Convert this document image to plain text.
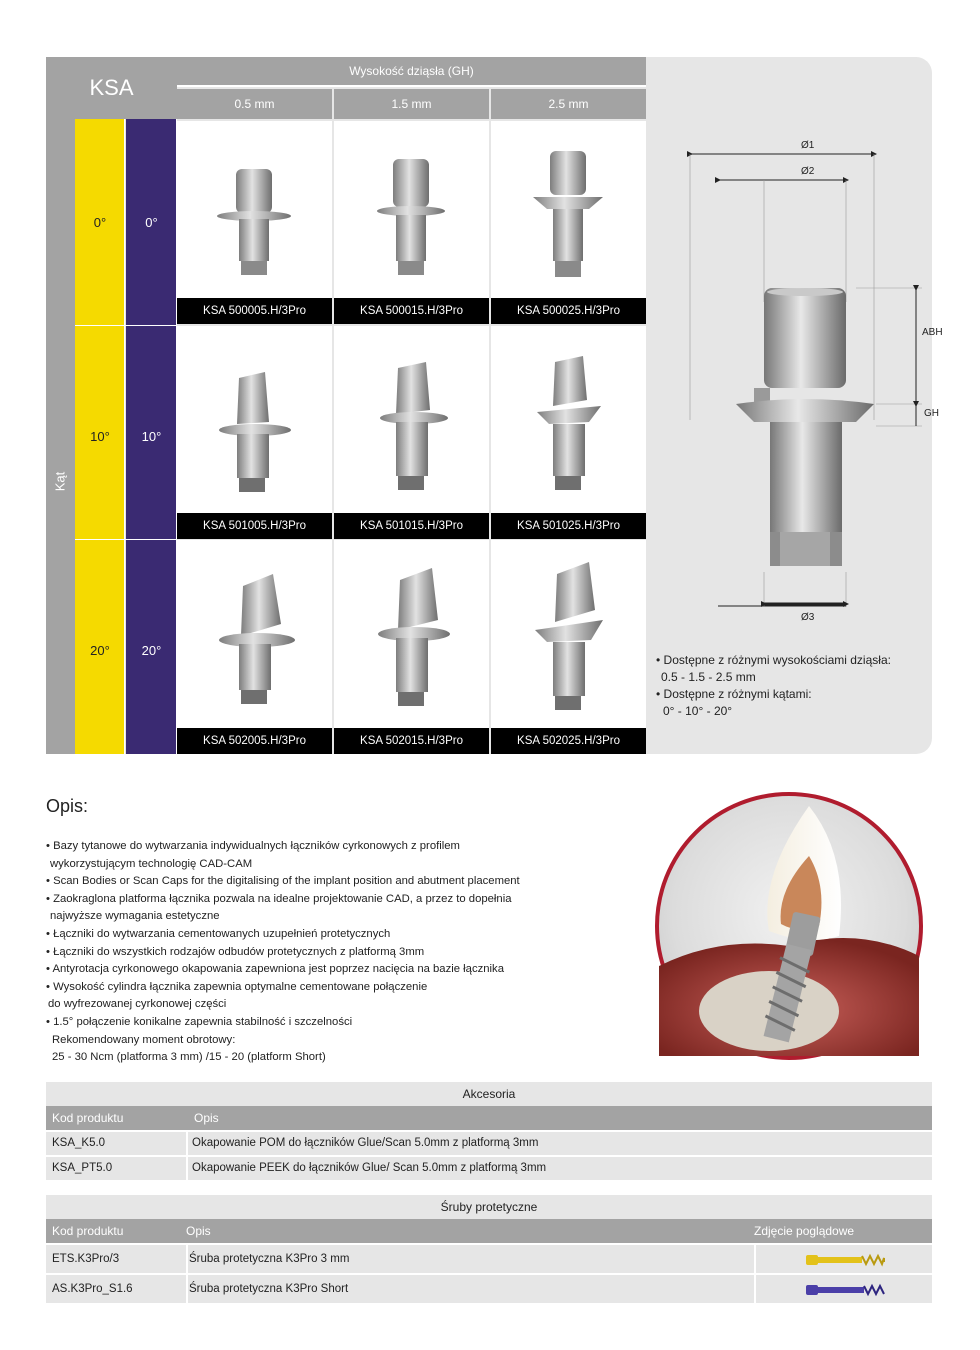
KSA
Wysokość dziąsła (GH)
0.5 mm	1.5 mm	2.5 mm
Kąt
0°	0°
10°	10°
20°	20°
KSA 500005.H/3Pro	KSA 500015.H/3Pro	KSA 500025.H/3Pro
KSA 501005.H/3Pro	KSA 501015.H/3Pro	KSA 501025.H/3Pro
KSA 502005.H/3Pro	KSA 502015.H/3Pro	KSA 502025.H/3Pro
Ø1
Ø2
Ø3
ABH
GH
• Dostępne z różnymi wysokościami dziąsła:
0.5 - 1.5 - 2.5 mm
• Dostępne z różnymi kątami:
0° - 10° - 20°
Opis:
• Bazy tytanowe do wytwarzania indywidualnych łączników cyrkonowych z profilem
wykorzystującym technologię CAD-CAM
• Scan Bodies or Scan Caps for the digitalising of the implant position and abutment placement
• Zaokraglona platforma łącznika pozwala na idealne projektowanie CAD, a przez to dopełnia
najwyższe wymagania estetyczne
• Łączniki do wytwarzania cementowanych uzupełnień protetycznych
• Łączniki do wszystkich rodzajów odbudów protetycznych z platformą 3mm
• Antyrotacja cyrkonowego okapowania zapewniona jest poprzez nacięcia na bazie łącznika
• Wysokość cylindra łącznika zapewnia optymalne cementowane połączenie
do wyfrezowanej cyrkonowej części
• 1.5° połączenie konikalne zapewnia stabilność i szczelności
Rekomendowany moment obrotowy:
25 - 30 Ncm (platforma 3 mm) /15 - 20 (platform Short)
Akcesoria
Kod produktu	Opis
KSA_K5.0	Okapowanie POM do łączników Glue/Scan 5.0mm z platformą 3mm
KSA_PT5.0	Okapowanie PEEK do łączników Glue/ Scan 5.0mm z platformą 3mm
Śruby protetyczne
Kod produktu	Opis	Zdjęcie poglądowe
ETS.K3Pro/3	Śruba protetyczna K3Pro 3 mm
AS.K3Pro_S1.6	Śruba protetyczna K3Pro Short
